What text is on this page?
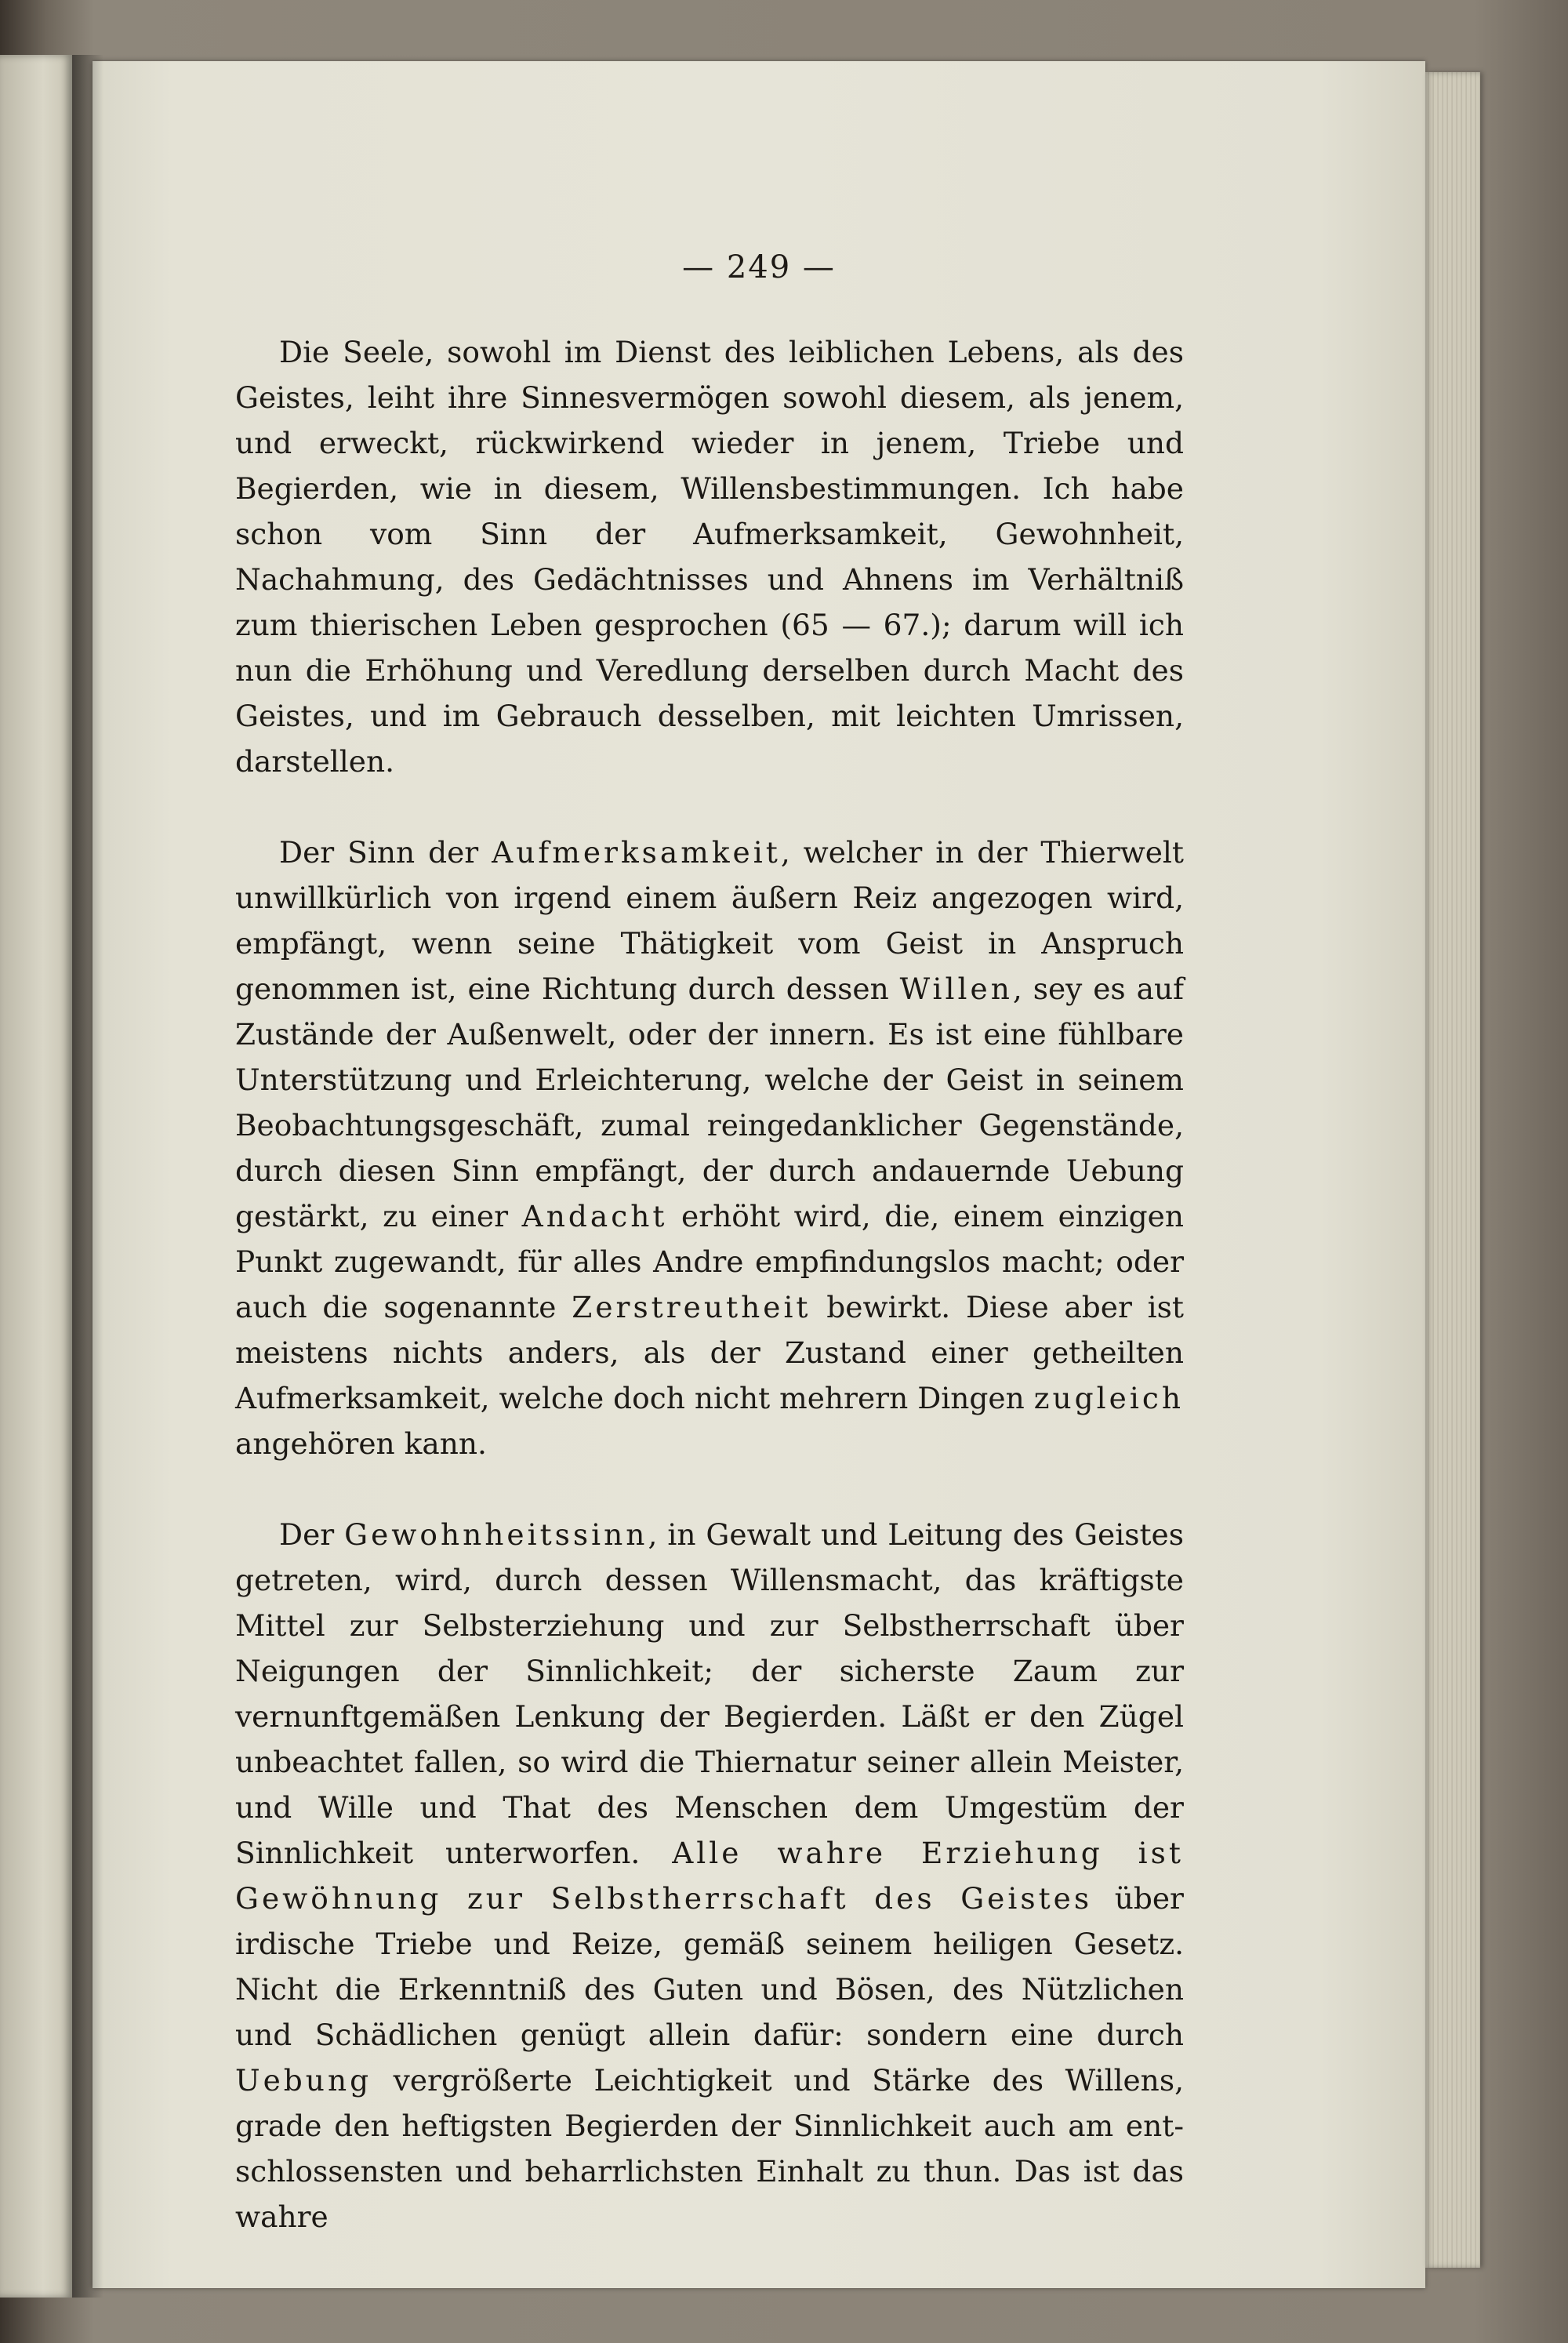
— 249 —

Die Seele, sowohl im Dienst des leiblichen Lebens, als des Geistes, leiht ihre Sinnesvermögen sowohl diesem, als jenem, und erweckt, rückwirkend wieder in jenem, Triebe und Begierden, wie in diesem, Willensbestimmungen. Ich habe schon vom Sinn der Aufmerksamkeit, Gewohnheit, Nachahmung, des Gedächtnisses und Ahnens im Verhältniß zum thierischen Leben gesprochen (65 — 67.); darum will ich nun die Erhöhung und Veredlung derselben durch Macht des Geistes, und im Gebrauch desselben, mit leichten Umrissen, darstellen.

Der Sinn der Aufmerksamkeit, welcher in der Thierwelt unwillkürlich von irgend einem äußern Reiz angezogen wird, empfängt, wenn seine Thätigkeit vom Geist in Anspruch genommen ist, eine Richtung durch dessen Willen, sey es auf Zustände der Außenwelt, oder der innern. Es ist eine fühlbare Unterstützung und Erleichterung, welche der Geist in seinem Beobachtungsgeschäft, zumal reingedanklicher Gegenstände, durch diesen Sinn empfängt, der durch andauernde Uebung gestärkt, zu einer Andacht erhöht wird, die, einem einzigen Punkt zugewandt, für alles Andre empfindungslos macht; oder auch die sogenannte Zerstreutheit bewirkt. Diese aber ist meistens nichts anders, als der Zustand einer getheilten Aufmerksamkeit, welche doch nicht mehrern Dingen zugleich angehören kann.

Der Gewohnheitssinn, in Gewalt und Leitung des Geistes getreten, wird, durch dessen Willensmacht, das kräftigste Mittel zur Selbsterziehung und zur Selbstherrschaft über Neigungen der Sinnlichkeit; der sicherste Zaum zur vernunftgemäßen Lenkung der Begierden. Läßt er den Zügel unbeachtet fallen, so wird die Thiernatur seiner allein Meister, und Wille und That des Menschen dem Umgestüm der Sinnlichkeit unterworfen. Alle wahre Erziehung ist Gewöhnung zur Selbstherrschaft des Geistes über irdische Triebe und Reize, gemäß seinem heiligen Gesetz. Nicht die Erkenntniß des Guten und Bösen, des Nützlichen und Schädlichen genügt allein dafür: sondern eine durch Uebung vergrößerte Leichtigkeit und Stärke des Willens, grade den heftigsten Begierden der Sinnlichkeit auch am entschlossensten und beharrlichsten Einhalt zu thun. Das ist das wahre
